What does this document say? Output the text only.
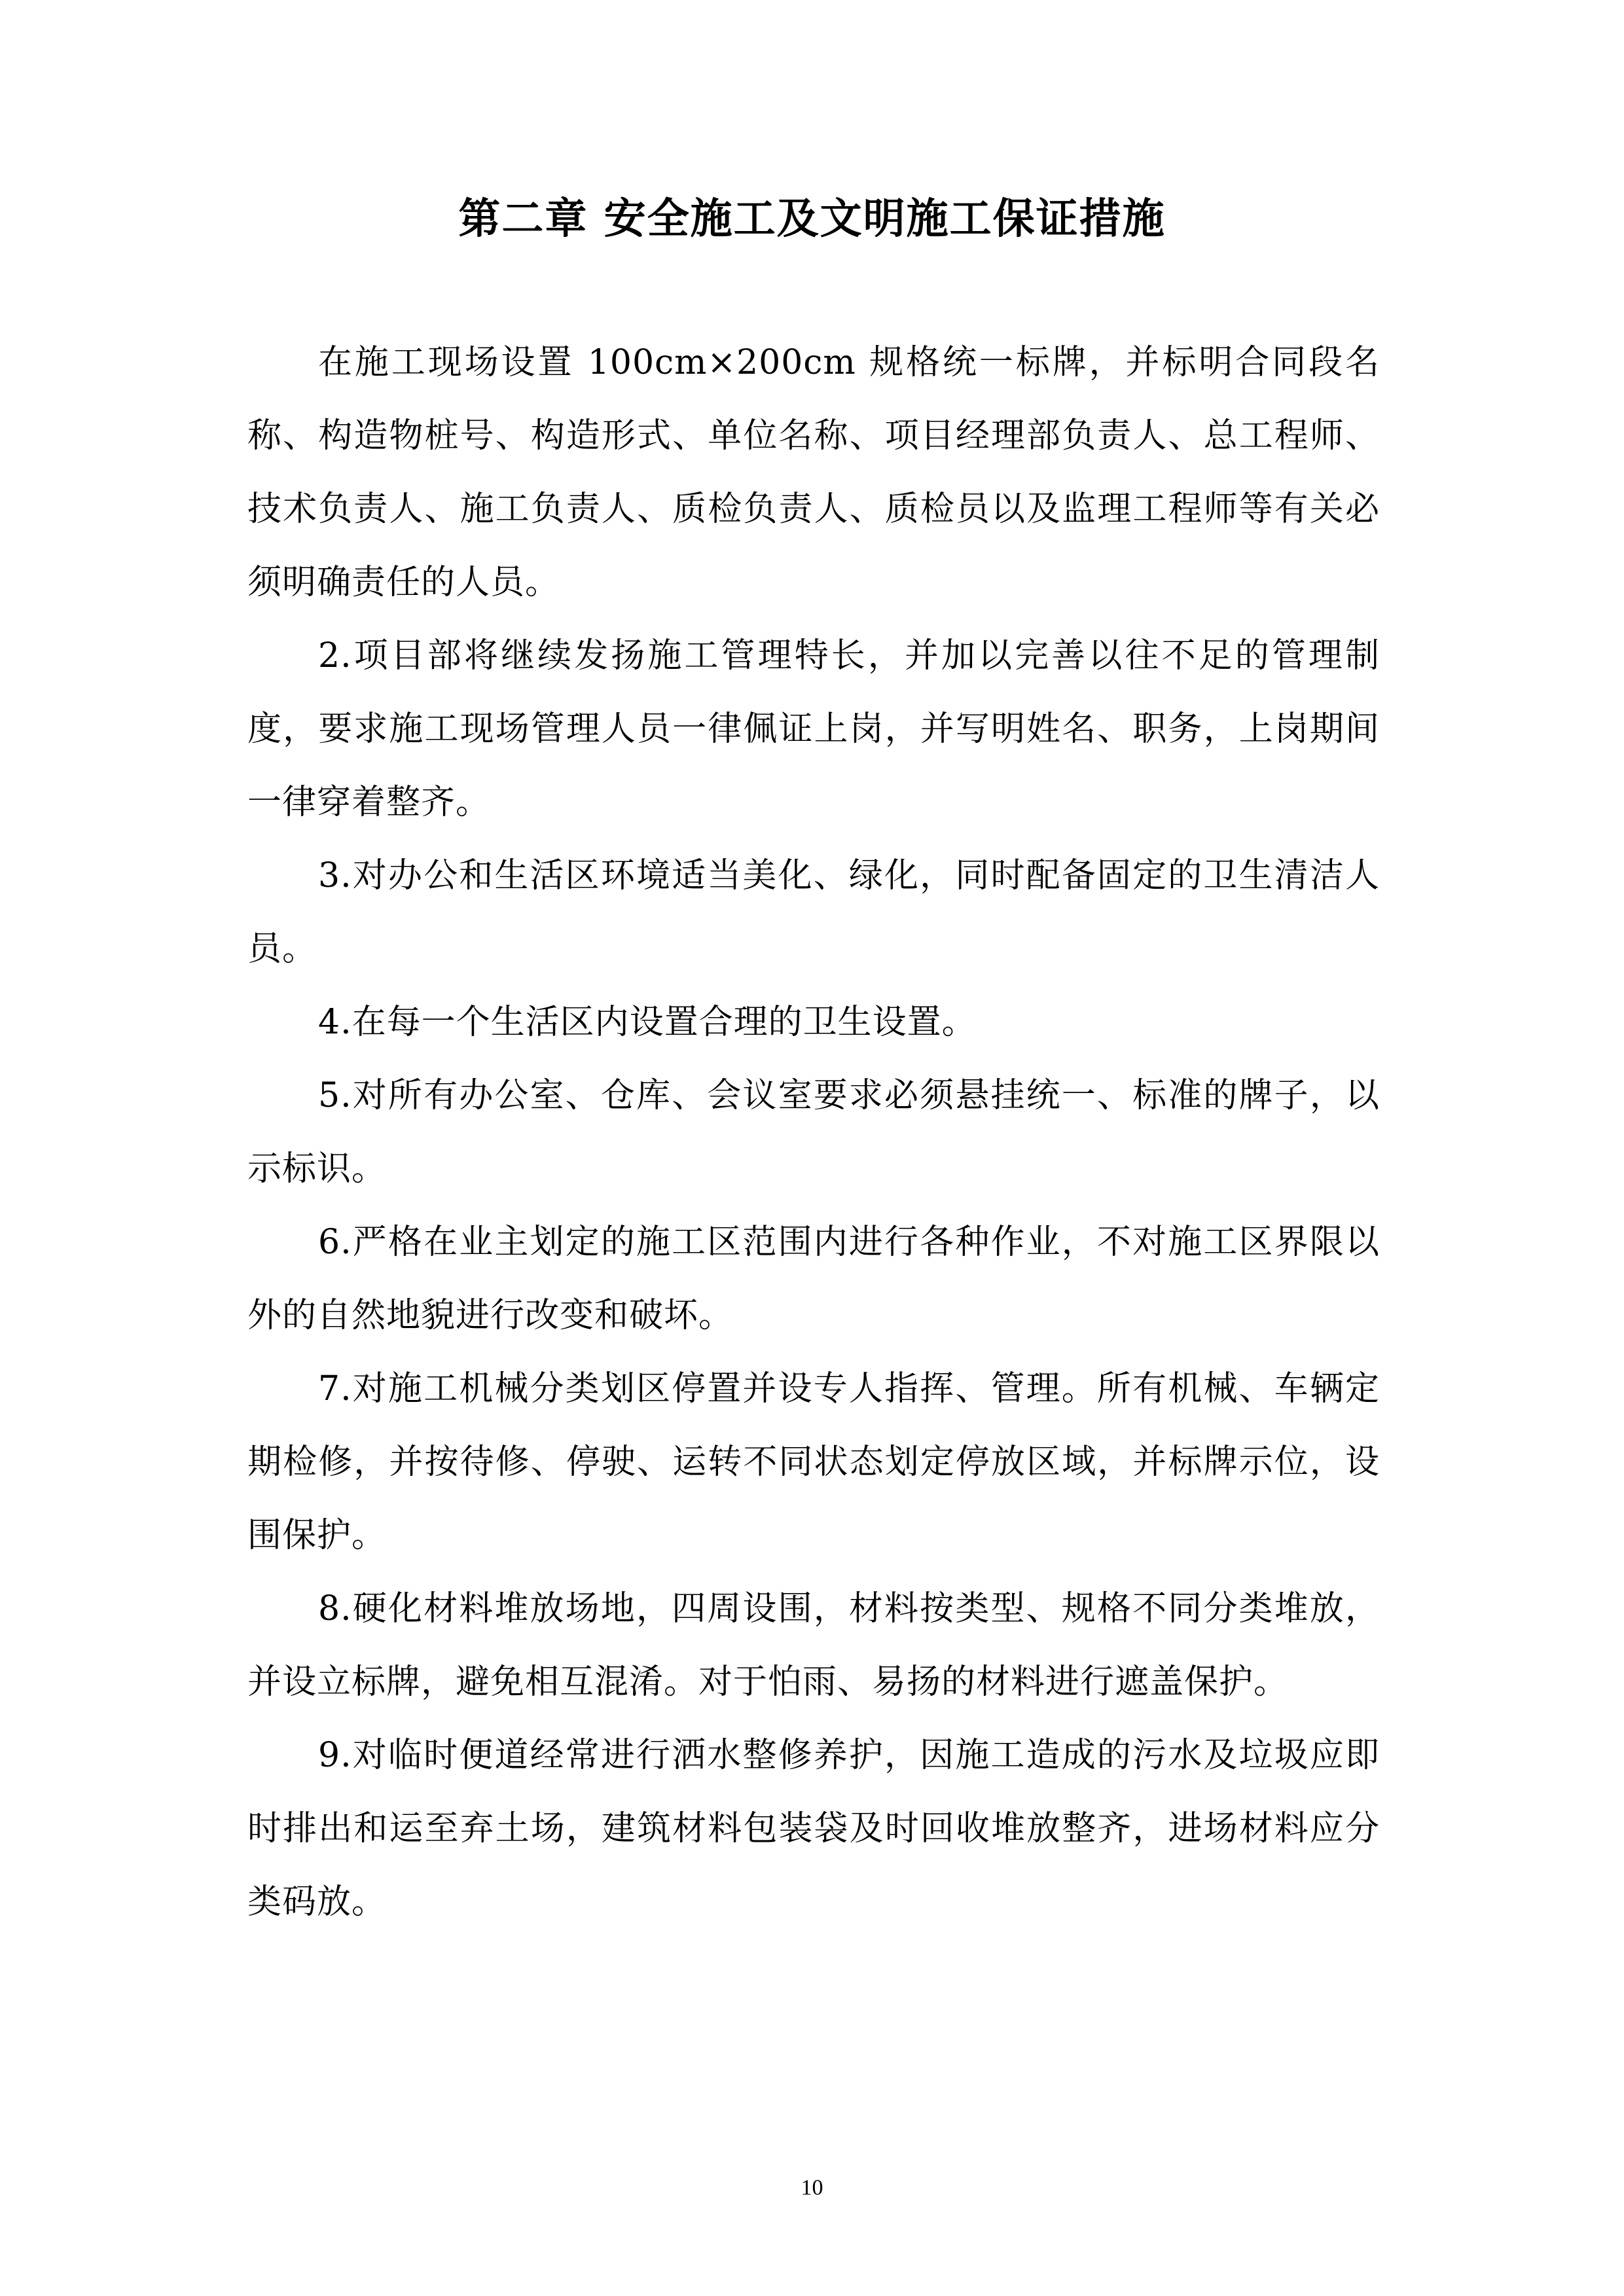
第二章 安全施工及文明施工保证措施

在施工现场设置 100cm×200cm 规格统一标牌，并标明合同段名称、构造物桩号、构造形式、单位名称、项目经理部负责人、总工程师、技术负责人、施工负责人、质检负责人、质检员以及监理工程师等有关必须明确责任的人员。

2.项目部将继续发扬施工管理特长，并加以完善以往不足的管理制度，要求施工现场管理人员一律佩证上岗，并写明姓名、职务，上岗期间一律穿着整齐。

3.对办公和生活区环境适当美化、绿化，同时配备固定的卫生清洁人员。

4.在每一个生活区内设置合理的卫生设置。

5.对所有办公室、仓库、会议室要求必须悬挂统一、标准的牌子，以示标识。

6.严格在业主划定的施工区范围内进行各种作业，不对施工区界限以外的自然地貌进行改变和破坏。

7.对施工机械分类划区停置并设专人指挥、管理。所有机械、车辆定期检修，并按待修、停驶、运转不同状态划定停放区域，并标牌示位，设围保护。

8.硬化材料堆放场地，四周设围，材料按类型、规格不同分类堆放，并设立标牌，避免相互混淆。对于怕雨、易扬的材料进行遮盖保护。

9.对临时便道经常进行洒水整修养护，因施工造成的污水及垃圾应即时排出和运至弃土场，建筑材料包装袋及时回收堆放整齐，进场材料应分类码放。

10
